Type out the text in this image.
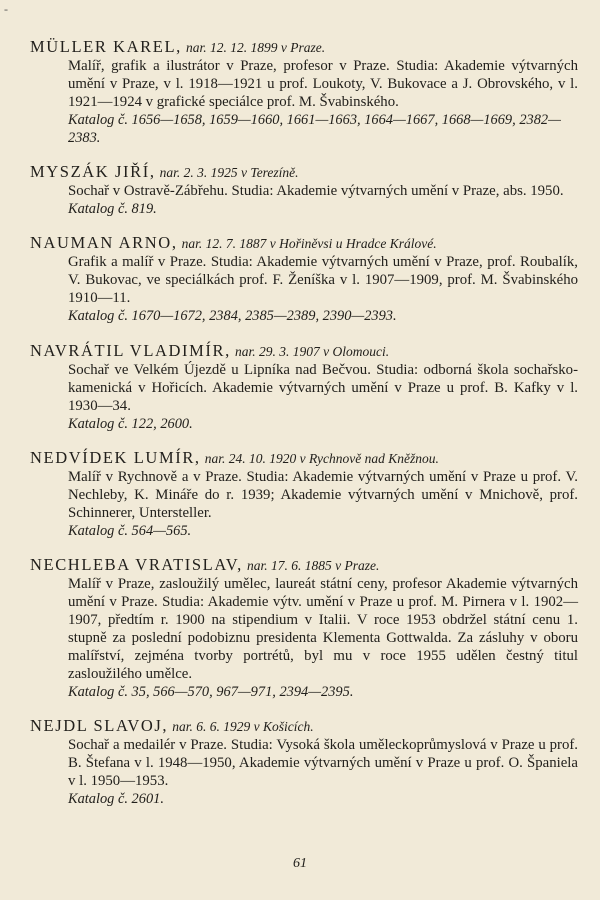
-
MÜLLER KAREL, nar. 12. 12. 1899 v Praze.
Malíř, grafik a ilustrátor v Praze, profesor v Praze. Studia: Akademie výtvarných umění v Praze, v l. 1918—1921 u prof. Loukoty, V. Bukovace a J. Obrovského, v l. 1921—1924 v grafické speciálce prof. M. Švabinského.
Katalog č. 1656—1658, 1659—1660, 1661—1663, 1664—1667, 1668—1669, 2382—2383.
MYSZÁK JIŘÍ, nar. 2. 3. 1925 v Terezíně.
Sochař v Ostravě-Zábřehu. Studia: Akademie výtvarných umění v Praze, abs. 1950.
Katalog č. 819.
NAUMAN ARNO, nar. 12. 7. 1887 v Hořiněvsi u Hradce Králové.
Grafik a malíř v Praze. Studia: Akademie výtvarných umění v Praze, prof. Roubalík, V. Bukovac, ve speciálkách prof. F. Ženíška v l. 1907—1909, prof. M. Švabinského 1910—11.
Katalog č. 1670—1672, 2384, 2385—2389, 2390—2393.
NAVRÁTIL VLADIMÍR, nar. 29. 3. 1907 v Olomouci.
Sochař ve Velkém Újezdě u Lipníka nad Bečvou. Studia: odborná škola sochařsko-kamenická v Hořicích. Akademie výtvarných umění v Praze u prof. B. Kafky v l. 1930—34.
Katalog č. 122, 2600.
NEDVÍDEK LUMÍR, nar. 24. 10. 1920 v Rychnově nad Kněžnou.
Malíř v Rychnově a v Praze. Studia: Akademie výtvarných umění v Praze u prof. V. Nechleby, K. Mináře do r. 1939; Akademie výtvarných umění v Mnichově, prof. Schinnerer, Untersteller.
Katalog č. 564—565.
NECHLEBA VRATISLAV, nar. 17. 6. 1885 v Praze.
Malíř v Praze, zasloužilý umělec, laureát státní ceny, profesor Akademie výtvarných umění v Praze. Studia: Akademie výtv. umění v Praze u prof. M. Pirnera v l. 1902—1907, předtím r. 1900 na stipendium v Italii. V roce 1953 obdržel státní cenu 1. stupně za poslední podobiznu presidenta Klementa Gottwalda. Za zásluhy v oboru malířství, zejména tvorby portrétů, byl mu v roce 1955 udělen čestný titul zasloužilého umělce.
Katalog č. 35, 566—570, 967—971, 2394—2395.
NEJDL SLAVOJ, nar. 6. 6. 1929 v Košicích.
Sochař a medailér v Praze. Studia: Vysoká škola uměleckoprůmyslová v Praze u prof. B. Štefana v l. 1948—1950, Akademie výtvarných umění v Praze u prof. O. Španiela v l. 1950—1953.
Katalog č. 2601.
61
